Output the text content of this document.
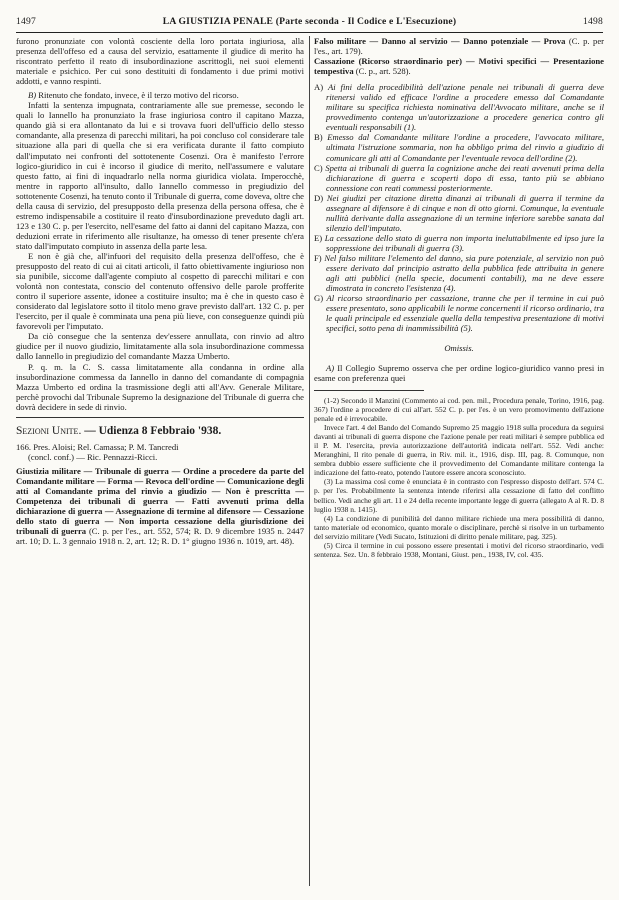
1497	LA GIUSTIZIA PENALE (Parte seconda - Il Codice e L'Esecuzione)	1498

furono pronunziate con volontà cosciente della loro portata ingiuriosa, alla presenza dell'offeso ed a causa del servizio, esattamente il giudice di merito ha riscontrato perfetto il reato di insubordinazione ascrittogli, nei suoi elementi materiale e psichico. Per cui sono destituiti di fondamento i due primi motivi addotti, e vanno respinti.

B) Ritenuto che fondato, invece, è il terzo motivo del ricorso.

Infatti la sentenza impugnata, contrariamente alle sue premesse, secondo le quali lo Iannello ha pronunziato la frase ingiuriosa contro il capitano Mazza, quando già si era allontanato da lui e si trovava fuori dell'ufficio dello stesso comandante, alla presenza di parecchi militari, ha poi concluso col considerare tale situazione alla pari di quella che si era verificata durante il fatto compiuto dall'imputato nei confronti del sottotenente Cosenzi. Ora è manifesto l'errore logico-giuridico in cui è incorso il giudice di merito, nell'assumere e valutare questo fatto, ai fini di inquadrarlo nella norma giuridica violata. Imperocchè, mentre in rapporto all'insulto, dallo Iannello commesso in pregiudizio del sottotenente Cosenzi, ha tenuto conto il Tribunale di guerra, come doveva, oltre che della causa di servizio, del presupposto della presenza della persona offesa, che è estremo indispensabile a costituire il reato d'insubordinazione preveduto dagli art. 123 e 130 C. p. per l'esercito, nell'esame del fatto ai danni del capitano Mazza, con deduzioni errate in riferimento alle risultanze, ha omesso di tener presente ch'era stato dall'imputato compiuto in assenza della parte lesa.

E non è già che, all'infuori del requisito della presenza dell'offeso, che è presupposto del reato di cui ai citati articoli, il fatto obiettivamente ingiurioso non sia punibile, siccome dall'agente compiuto al cospetto di parecchi militari e con volontà non contestata, conscio del contenuto offensivo delle parole profferite contro il superiore assente, idonee a costituire insulto; ma è che in questo caso è considerato dal legislatore sotto il titolo meno grave previsto dall'art. 132 C. p. per l'esercito, per il quale è comminata una pena più lieve, con conseguenze quindi più favorevoli per l'imputato.

Da ciò consegue che la sentenza dev'essere annullata, con rinvio ad altro giudice per il nuovo giudizio, limitatamente alla sola insubordinazione commessa dallo Iannello in pregiudizio del comandante Mazza Umberto.

P. q. m. la C. S. cassa limitatamente alla condanna in ordine alla insubordinazione commessa da Iannello in danno del comandante di compagnia Mazza Umberto ed ordina la trasmissione degli atti all'Avv. Generale Militare, perchè provochi dal Tribunale Supremo la designazione del Tribunale di guerra che dovrà decidere in sede di rinvio.

Sezioni Unite. — Udienza 8 Febbraio '938.

166. Pres. Aloisi; Rel. Camassa; P. M. Tancredi

(concl. conf.) — Ric. Pennazzi-Ricci.

Giustizia militare — Tribunale di guerra — Ordine a procedere da parte del Comandante militare — Forma — Revoca dell'ordine — Comunicazione degli atti al Comandante prima del rinvio a giudizio — Non è prescritta — Competenza dei tribunali di guerra — Fatti avvenuti prima della dichiarazione di guerra — Assegnazione di termine al difensore — Cessazione dello stato di guerra — Non importa cessazione della giurisdizione dei tribunali di guerra (C. p. per l'es., art. 552, 574; R. D. 9 dicembre 1935 n. 2447 art. 10; D. L. 3 gennaio 1918 n. 2, art. 12; R. D. 1° giugno 1936 n. 1019, art. 48).

Falso militare — Danno al servizio — Danno potenziale — Prova (C. p. per l'es., art. 179).

Cassazione (Ricorso straordinario per) — Motivi specifici — Presentazione tempestiva (C. p., art. 528).

A) Ai fini della procedibilità dell'azione penale nei tribunali di guerra deve ritenersi valido ed efficace l'ordine a procedere emesso dal Comandante militare su specifica richiesta nominativa dell'Avvocato militare, anche se il provvedimento contenga un'autorizzazione a procedere generica contro gli eventuali responsabili (1).

B) Emesso dal Comandante militare l'ordine a procedere, l'avvocato militare, ultimata l'istruzione sommaria, non ha obbligo prima del rinvio a giudizio di comunicare gli atti al Comandante per l'eventuale revoca dell'ordine (2).

C) Spetta ai tribunali di guerra la cognizione anche dei reati avvenuti prima della dichiarazione di guerra e scoperti dopo di essa, tanto più se abbiano connessione con reati commessi posteriormente.

D) Nei giudizi per citazione diretta dinanzi ai tribunali di guerra il termine da assegnare al difensore è di cinque e non di otto giorni. Comunque, la eventuale nullità derivante dalla assegnazione di un termine inferiore sarebbe sanata dal silenzio dell'imputato.

E) La cessazione dello stato di guerra non importa ineluttabilmente ed ipso jure la soppressione dei tribunali di guerra (3).

F) Nel falso militare l'elemento del danno, sia pure potenziale, al servizio non può essere derivato dal principio astratto della pubblica fede attribuita in genere agli atti pubblici (nella specie, documenti contabili), ma ne deve essere dimostrata in concreto l'esistenza (4).

G) Al ricorso straordinario per cassazione, tranne che per il termine in cui può essere presentato, sono applicabili le norme concernenti il ricorso ordinario, tra le quali principale ed essenziale quella della tempestiva presentazione di motivi specifici, sotto pena di inammissibilità (5).

Omissis.

A) Il Collegio Supremo osserva che per ordine logico-giuridico vanno presi in esame con preferenza quei

(1-2) Secondo il Manzini (Commento ai cod. pen. mil., Procedura penale, Torino, 1916, pag. 367) l'ordine a procedere di cui all'art. 552 C. p. per l'es. è un vero promovimento dell'azione penale ed è irrevocabile.

Invece l'art. 4 del Bando del Comando Supremo 25 maggio 1918 sulla procedura da seguirsi davanti ai tribunali di guerra dispone che l'azione penale per reati militari è sempre pubblica ed il P. M. l'esercita, previa autorizzazione dell'autorità indicata nell'art. 552. Vedi anche: Meranghini, Il rito penale di guerra, in Riv. mil. it., 1916, disp. III, pag. 8. Comunque, non sembra dubbio essere sufficiente che il provvedimento del Comandante militare contenga la indicazione del fatto-reato, potendo l'autore essere ancora sconosciuto.

(3) La massima così come è enunciata è in contrasto con l'espresso disposto dell'art. 574 C. p. per l'es. Probabilmente la sentenza intende riferirsi alla cessazione di fatto del conflitto bellico. Vedi anche gli art. 11 e 24 della recente importante legge di guerra (allegato A al R. D. 8 luglio 1938 n. 1415).

(4) La condizione di punibilità del danno militare richiede una mera possibilità di danno, tanto materiale od economico, quanto morale o disciplinare, perchè si risolve in un turbamento del servizio militare (Vedi Sucato, Istituzioni di diritto penale militare, pag. 325).

(5) Circa il termine in cui possono essere presentati i motivi del ricorso straordinario, vedi sentenza. Sez. Un. 8 febbraio 1938, Montani, Giust. pen., 1938, IV, col. 435.
